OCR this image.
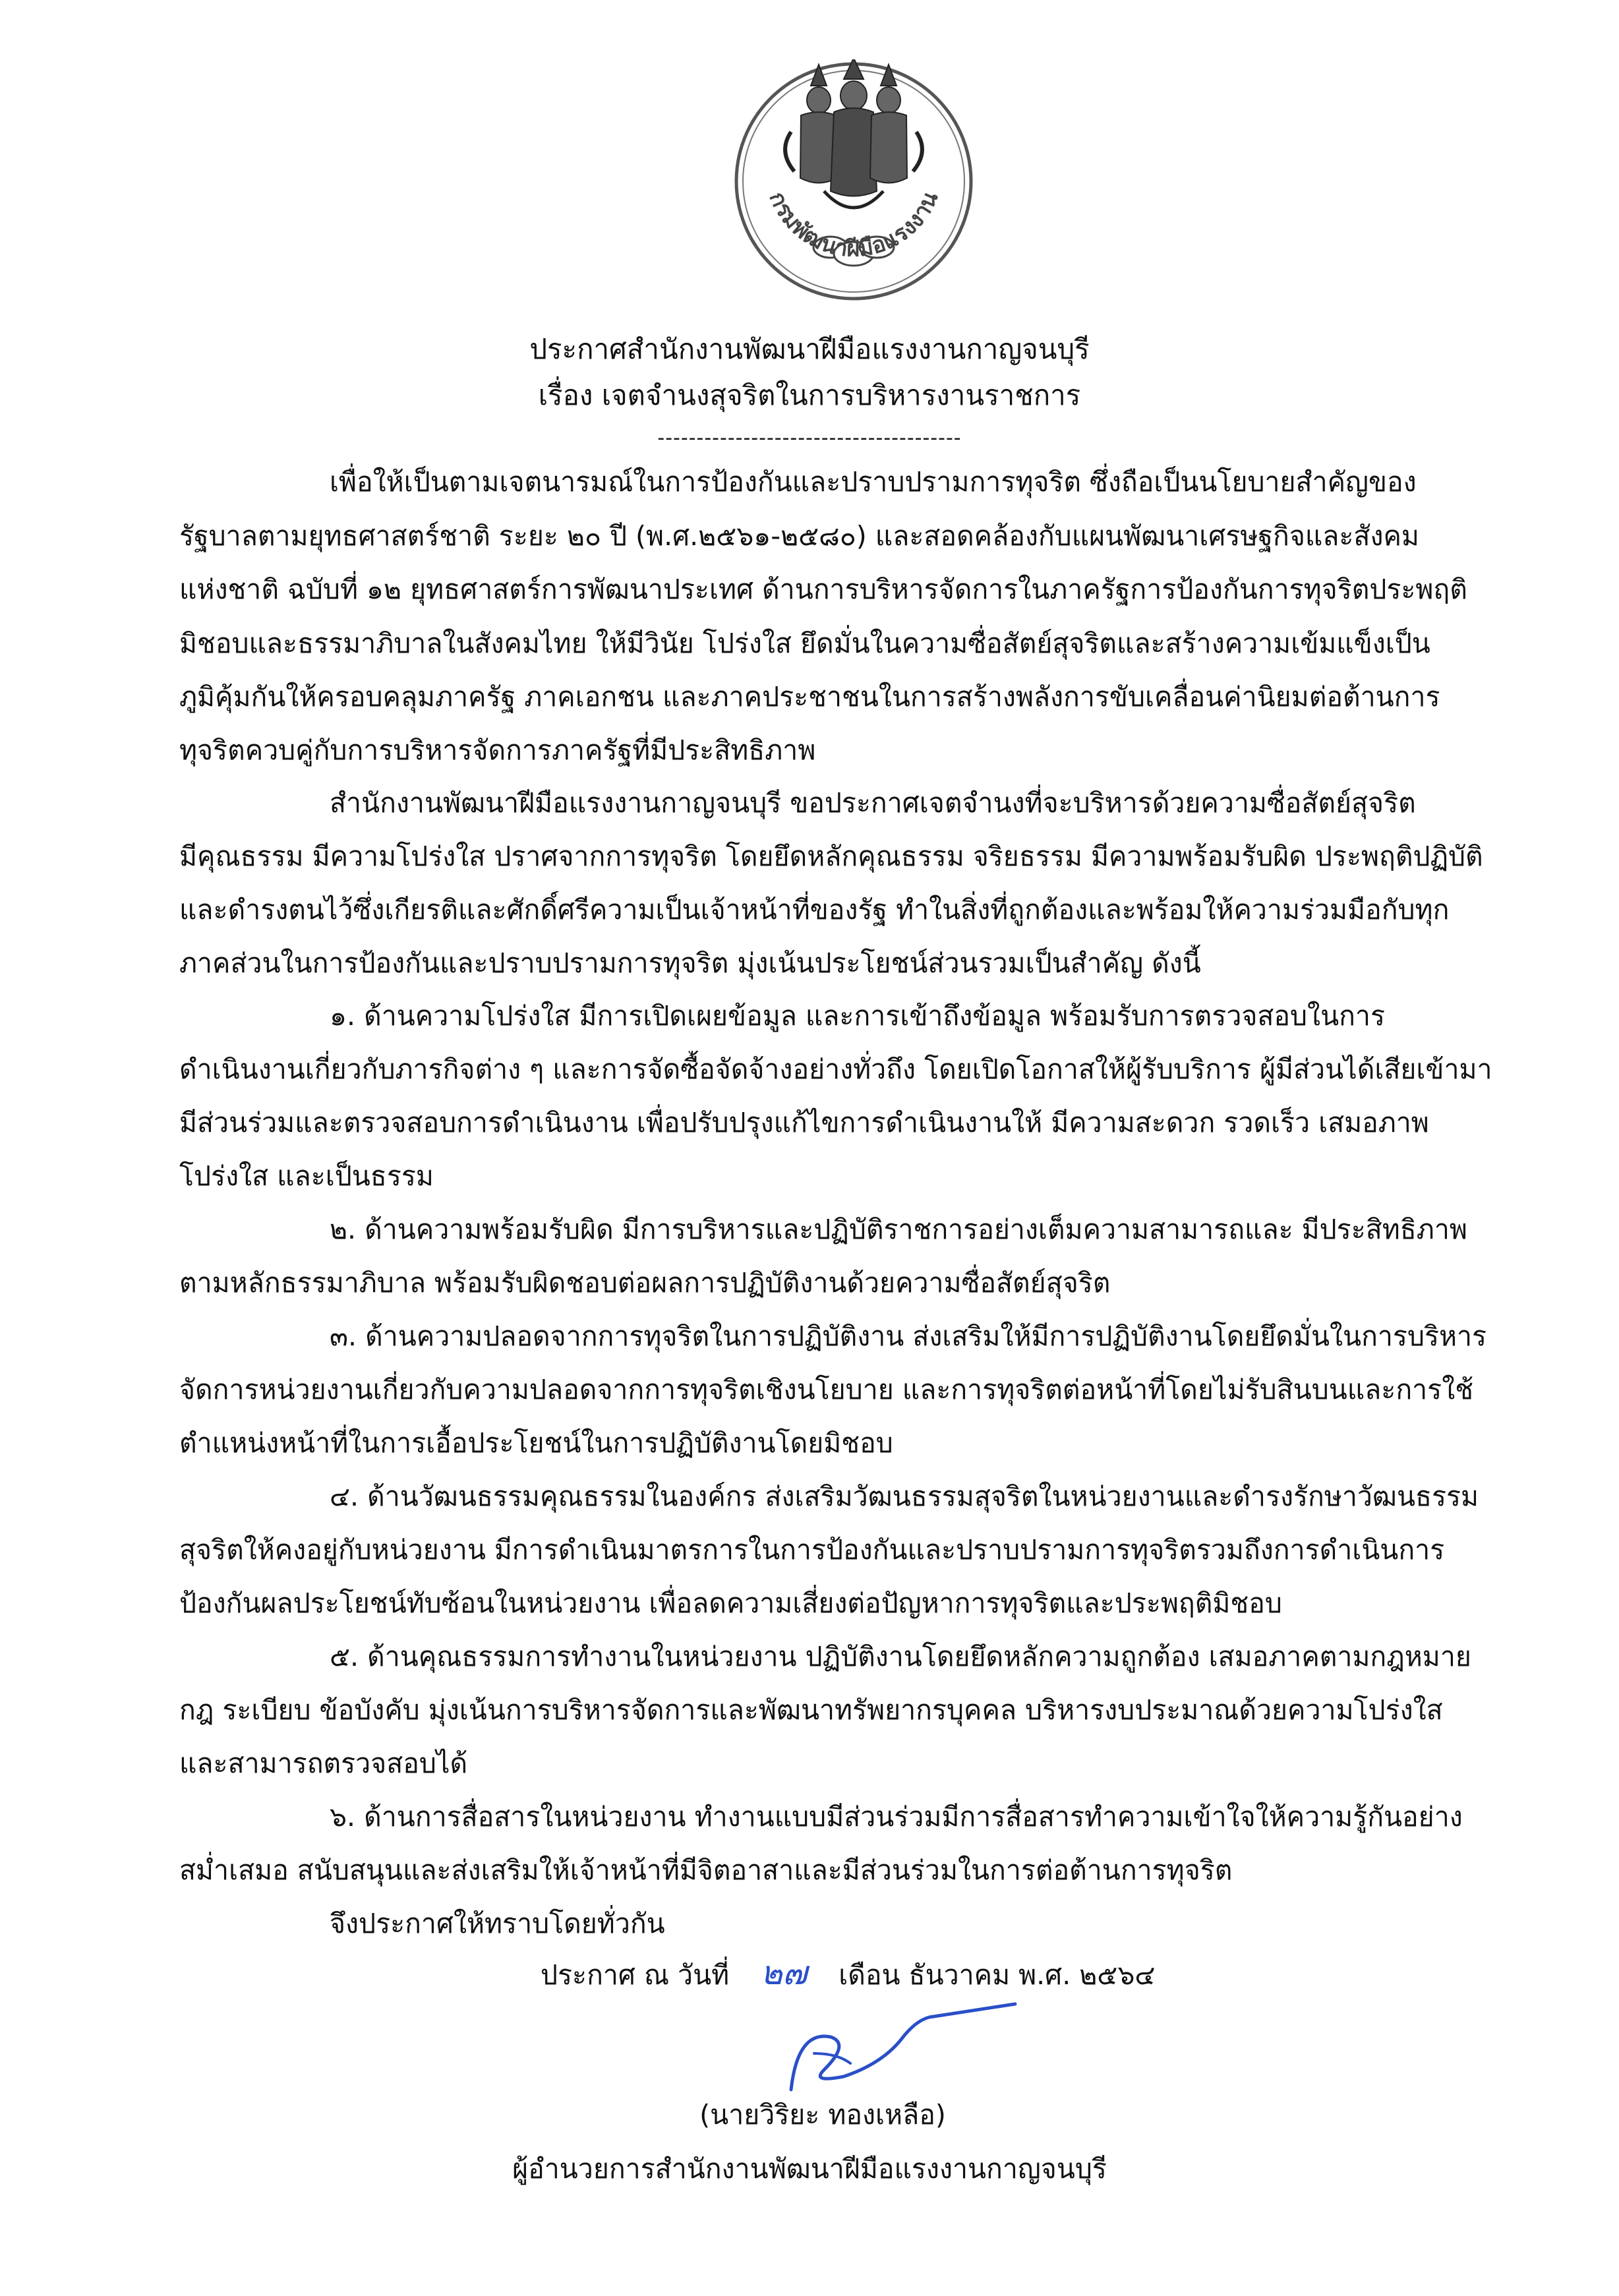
กรมพัฒนาฝีมือแรงงาน
ประกาศสำนักงานพัฒนาฝีมือแรงงานกาญจนบุรี
เรื่อง เจตจำนงสุจริตในการบริหารงานราชการ
---------------------------------------
เพื่อให้เป็นตามเจตนารมณ์ในการป้องกันและปราบปรามการทุจริต ซึ่งถือเป็นนโยบายสำคัญของ
รัฐบาลตามยุทธศาสตร์ชาติ ระยะ ๒๐ ปี (พ.ศ.๒๕๖๑-๒๕๘๐) และสอดคล้องกับแผนพัฒนาเศรษฐกิจและสังคม
แห่งชาติ ฉบับที่ ๑๒ ยุทธศาสตร์การพัฒนาประเทศ ด้านการบริหารจัดการในภาครัฐการป้องกันการทุจริตประพฤติ
มิชอบและธรรมาภิบาลในสังคมไทย ให้มีวินัย โปร่งใส ยึดมั่นในความซื่อสัตย์สุจริตและสร้างความเข้มแข็งเป็น
ภูมิคุ้มกันให้ครอบคลุมภาครัฐ ภาคเอกชน และภาคประชาชนในการสร้างพลังการขับเคลื่อนค่านิยมต่อต้านการ
ทุจริตควบคู่กับการบริหารจัดการภาครัฐที่มีประสิทธิภาพ
สำนักงานพัฒนาฝีมือแรงงานกาญจนบุรี ขอประกาศเจตจำนงที่จะบริหารด้วยความซื่อสัตย์สุจริต
มีคุณธรรม มีความโปร่งใส ปราศจากการทุจริต โดยยึดหลักคุณธรรม จริยธรรม มีความพร้อมรับผิด ประพฤติปฏิบัติ
และดำรงตนไว้ซึ่งเกียรติและศักดิ์ศรีความเป็นเจ้าหน้าที่ของรัฐ ทำในสิ่งที่ถูกต้องและพร้อมให้ความร่วมมือกับทุก
ภาคส่วนในการป้องกันและปราบปรามการทุจริต มุ่งเน้นประโยชน์ส่วนรวมเป็นสำคัญ ดังนี้
๑. ด้านความโปร่งใส มีการเปิดเผยข้อมูล และการเข้าถึงข้อมูล พร้อมรับการตรวจสอบในการ
ดำเนินงานเกี่ยวกับภารกิจต่าง ๆ และการจัดซื้อจัดจ้างอย่างทั่วถึง โดยเปิดโอกาสให้ผู้รับบริการ ผู้มีส่วนได้เสียเข้ามา
มีส่วนร่วมและตรวจสอบการดำเนินงาน เพื่อปรับปรุงแก้ไขการดำเนินงานให้ มีความสะดวก รวดเร็ว เสมอภาพ
โปร่งใส และเป็นธรรม
๒. ด้านความพร้อมรับผิด มีการบริหารและปฏิบัติราชการอย่างเต็มความสามารถและ มีประสิทธิภาพ
ตามหลักธรรมาภิบาล พร้อมรับผิดชอบต่อผลการปฏิบัติงานด้วยความซื่อสัตย์สุจริต
๓. ด้านความปลอดจากการทุจริตในการปฏิบัติงาน ส่งเสริมให้มีการปฏิบัติงานโดยยึดมั่นในการบริหาร
จัดการหน่วยงานเกี่ยวกับความปลอดจากการทุจริตเชิงนโยบาย และการทุจริตต่อหน้าที่โดยไม่รับสินบนและการใช้
ตำแหน่งหน้าที่ในการเอื้อประโยชน์ในการปฏิบัติงานโดยมิชอบ
๔. ด้านวัฒนธรรมคุณธรรมในองค์กร ส่งเสริมวัฒนธรรมสุจริตในหน่วยงานและดำรงรักษาวัฒนธรรม
สุจริตให้คงอยู่กับหน่วยงาน มีการดำเนินมาตรการในการป้องกันและปราบปรามการทุจริตรวมถึงการดำเนินการ
ป้องกันผลประโยชน์ทับซ้อนในหน่วยงาน เพื่อลดความเสี่ยงต่อปัญหาการทุจริตและประพฤติมิชอบ
๕. ด้านคุณธรรมการทำงานในหน่วยงาน ปฏิบัติงานโดยยึดหลักความถูกต้อง เสมอภาคตามกฎหมาย
กฎ ระเบียบ ข้อบังคับ มุ่งเน้นการบริหารจัดการและพัฒนาทรัพยากรบุคคล บริหารงบประมาณด้วยความโปร่งใส
และสามารถตรวจสอบได้
๖. ด้านการสื่อสารในหน่วยงาน ทำงานแบบมีส่วนร่วมมีการสื่อสารทำความเข้าใจให้ความรู้กันอย่าง
สม่ำเสมอ สนับสนุนและส่งเสริมให้เจ้าหน้าที่มีจิตอาสาและมีส่วนร่วมในการต่อต้านการทุจริต
จึงประกาศให้ทราบโดยทั่วกัน
ประกาศ ณ วันที่ ๒๗ เดือน ธันวาคม พ.ศ. ๒๕๖๔
(นายวิริยะ ทองเหลือ)
ผู้อำนวยการสำนักงานพัฒนาฝีมือแรงงานกาญจนบุรี
